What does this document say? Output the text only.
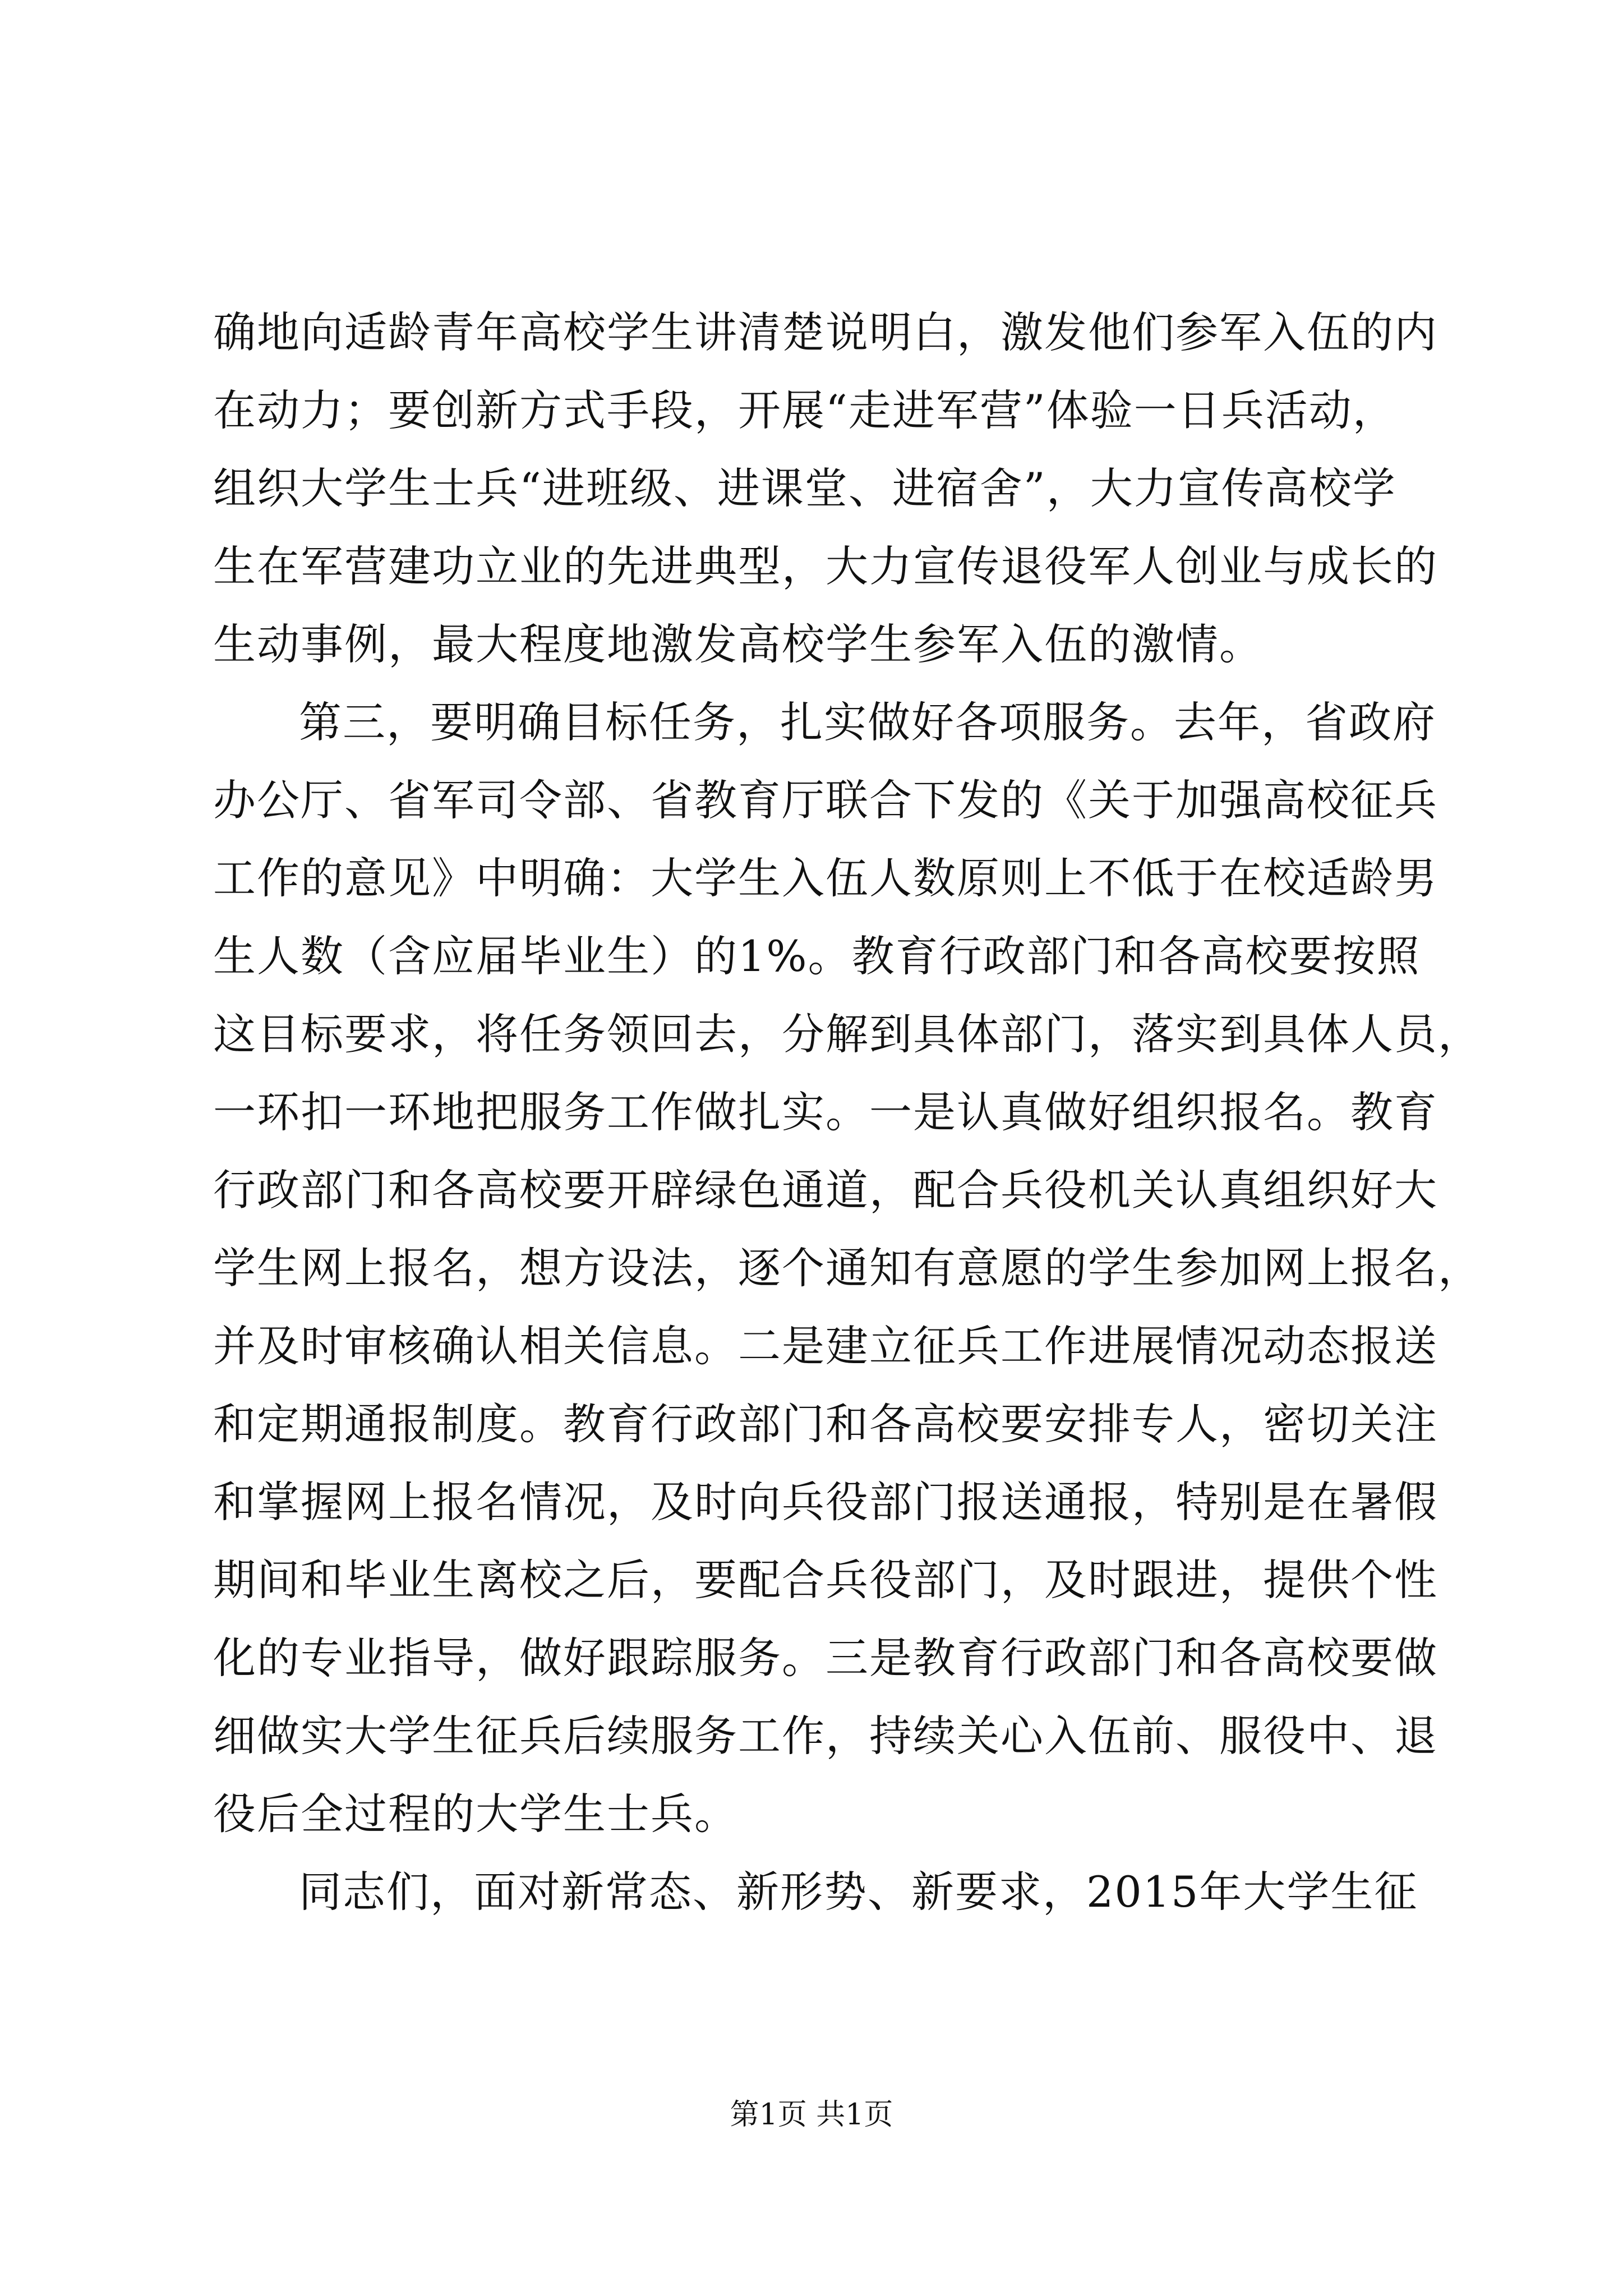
确地向适龄青年高校学生讲清楚说明白，激发他们参军入伍的内
在动力；要创新方式手段，开展“走进军营”体验一日兵活动，
组织大学生士兵“进班级、进课堂、进宿舍”，大力宣传高校学
生在军营建功立业的先进典型，大力宣传退役军人创业与成长的
生动事例，最大程度地激发高校学生参军入伍的激情。
第三，要明确目标任务，扎实做好各项服务。去年，省政府
办公厅、省军司令部、省教育厅联合下发的《关于加强高校征兵
工作的意见》中明确：大学生入伍人数原则上不低于在校适龄男
生人数（含应届毕业生）的1%。教育行政部门和各高校要按照
这目标要求，将任务领回去，分解到具体部门，落实到具体人员，
一环扣一环地把服务工作做扎实。一是认真做好组织报名。教育
行政部门和各高校要开辟绿色通道，配合兵役机关认真组织好大
学生网上报名，想方设法，逐个通知有意愿的学生参加网上报名，
并及时审核确认相关信息。二是建立征兵工作进展情况动态报送
和定期通报制度。教育行政部门和各高校要安排专人，密切关注
和掌握网上报名情况，及时向兵役部门报送通报，特别是在暑假
期间和毕业生离校之后，要配合兵役部门，及时跟进，提供个性
化的专业指导，做好跟踪服务。三是教育行政部门和各高校要做
细做实大学生征兵后续服务工作，持续关心入伍前、服役中、退
役后全过程的大学生士兵。
同志们，面对新常态、新形势、新要求，2015年大学生征
第1页 共1页
